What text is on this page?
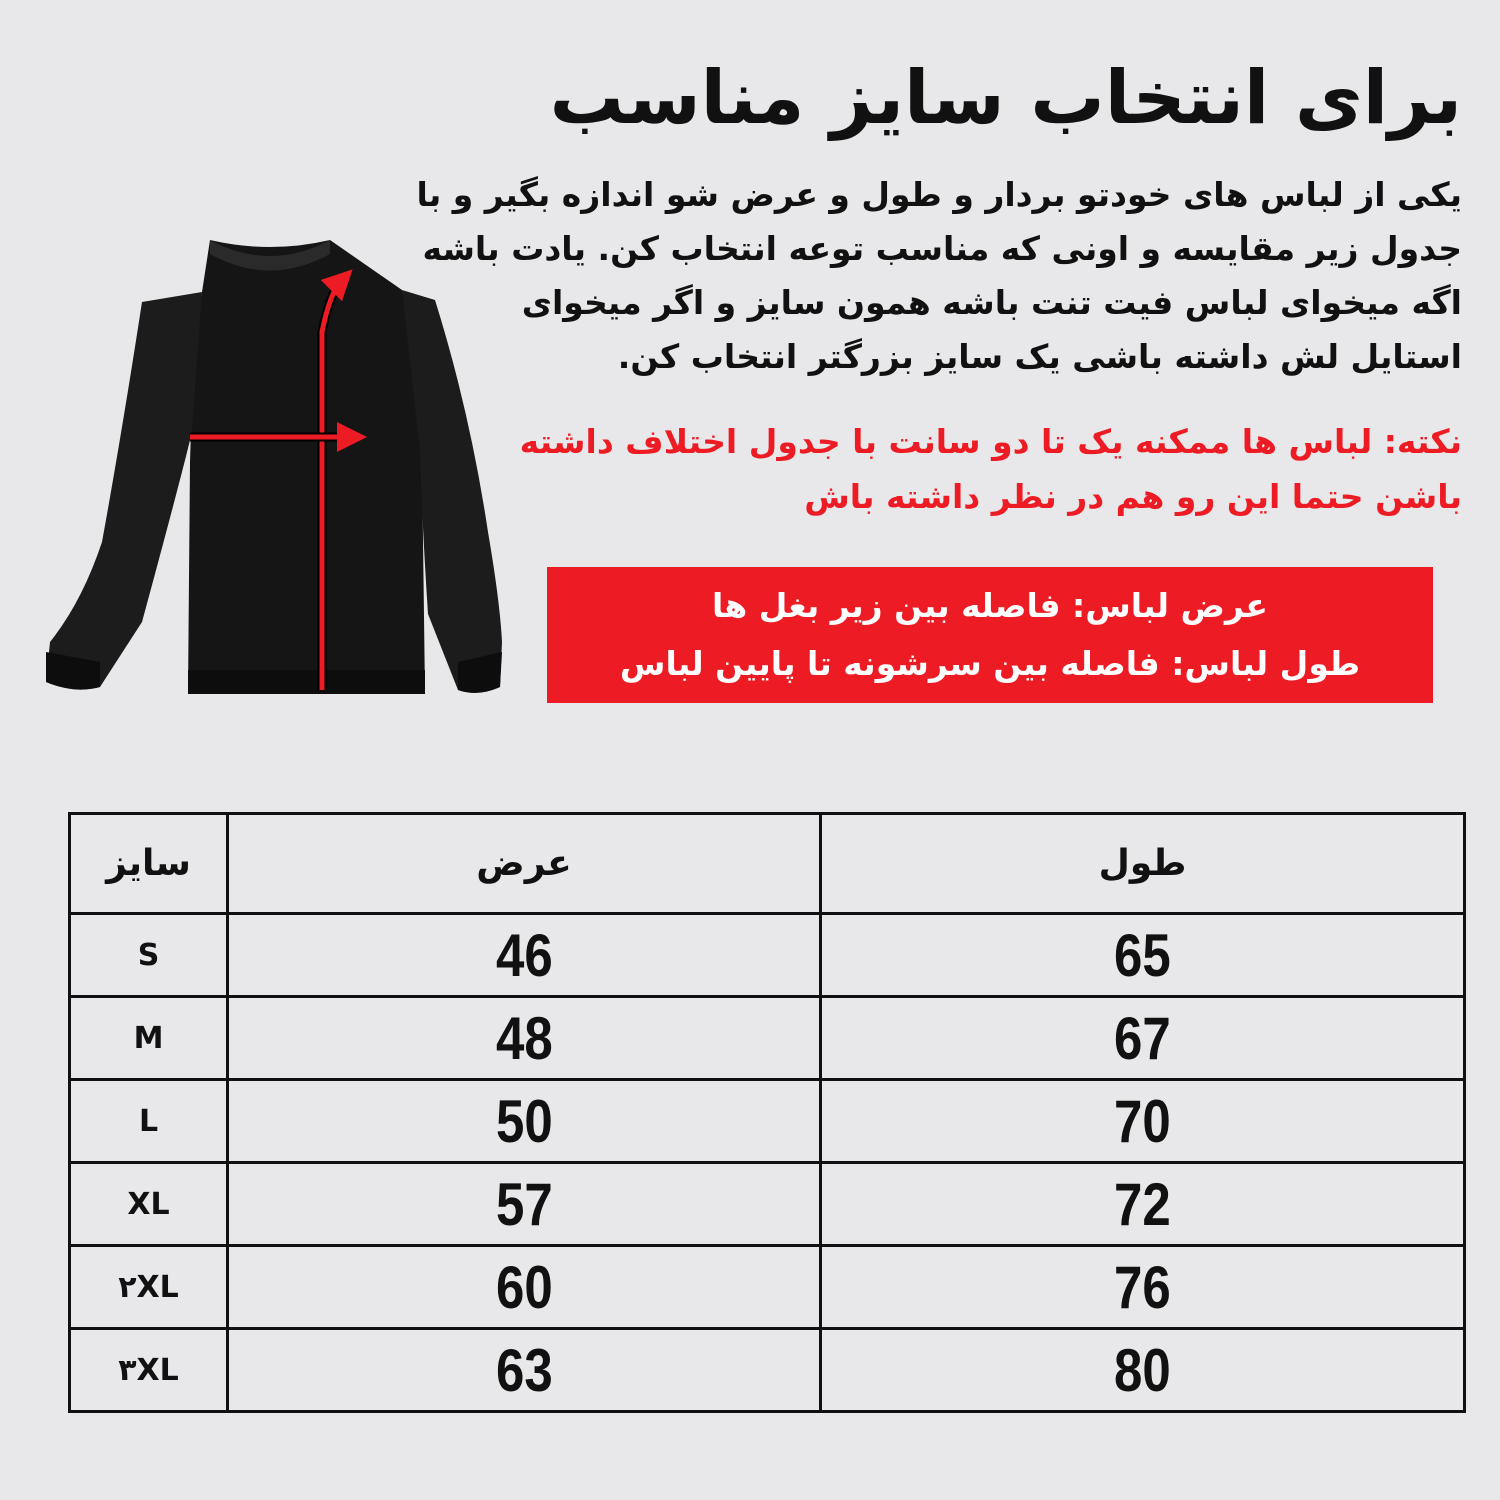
برای انتخاب سایز مناسب
یکی از لباس های خودتو بردار و طول و عرض شو اندازه بگیر و با جدول زیر مقایسه و اونی که مناسب توعه انتخاب کن. یادت باشه اگه میخوای لباس فیت تنت باشه همون سایز و اگر میخوای استایل لش داشته باشی یک سایز بزرگتر انتخاب کن.
نکته: لباس ها ممکنه یک تا دو سانت با جدول اختلاف داشته باشن حتما این رو هم در نظر داشته باش
عرض لباس: فاصله بین زیر بغل ها
طول لباس: فاصله بین سرشونه تا پایین لباس
سایز	عرض	طول
S	46	65
M	48	67
L	50	70
XL	57	72
۲XL	60	76
۳XL	63	80
